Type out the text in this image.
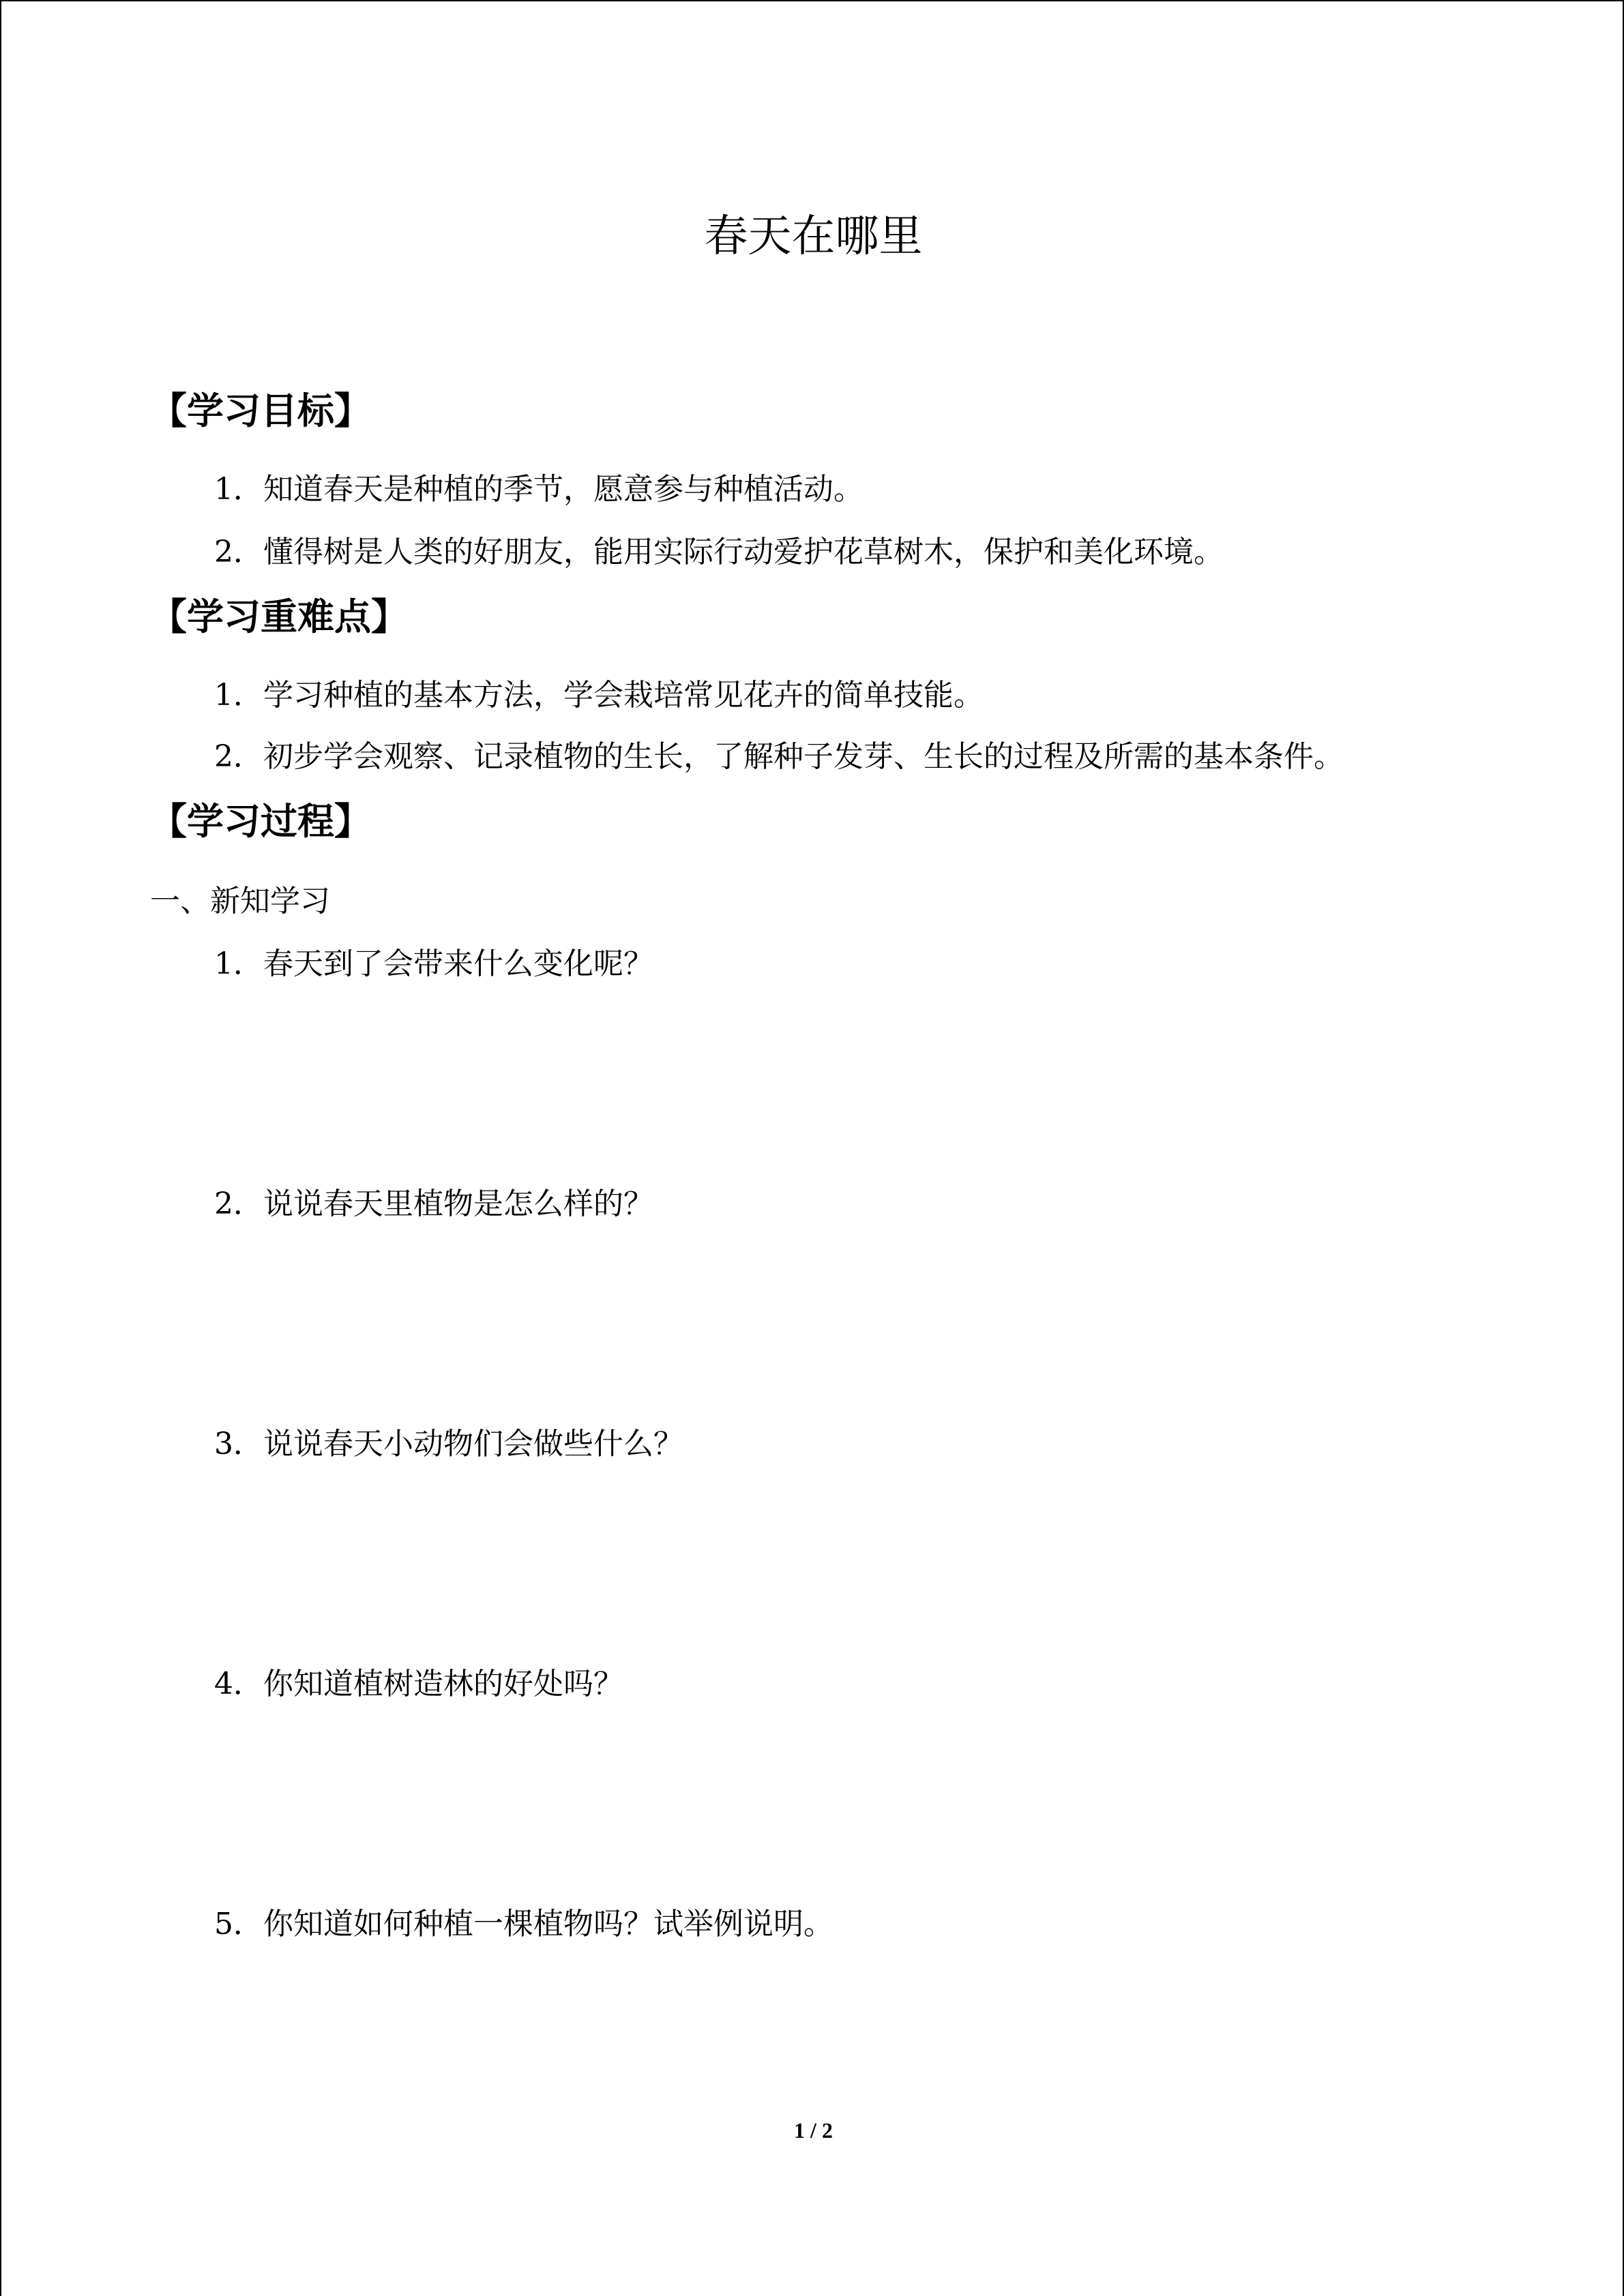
春天在哪里
【学习目标】
1．知道春天是种植的季节，愿意参与种植活动。
2．懂得树是人类的好朋友，能用实际行动爱护花草树木，保护和美化环境。
【学习重难点】
1．学习种植的基本方法，学会栽培常见花卉的简单技能。
2．初步学会观察、记录植物的生长，了解种子发芽、生长的过程及所需的基本条件。
【学习过程】
一、新知学习
1．春天到了会带来什么变化呢？
2．说说春天里植物是怎么样的？
3．说说春天小动物们会做些什么？
4．你知道植树造林的好处吗？
5．你知道如何种植一棵植物吗？试举例说明。
1 / 2
